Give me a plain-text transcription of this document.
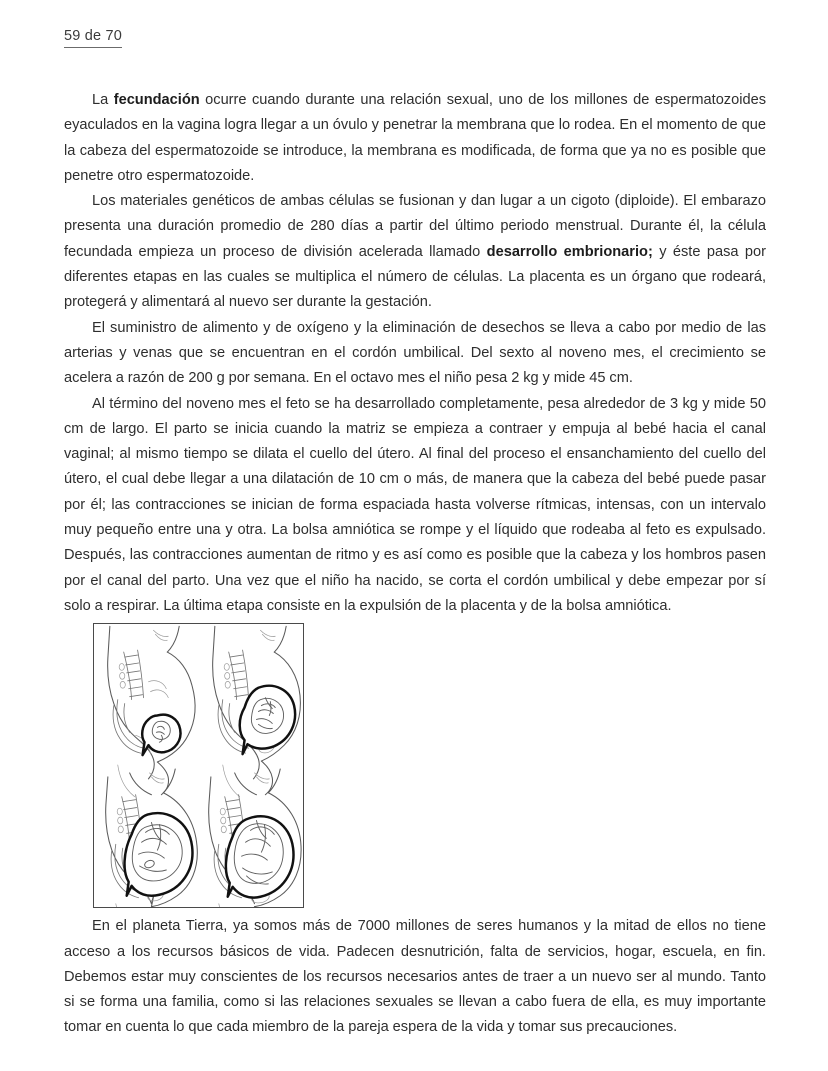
59 de 70

La fecundación ocurre cuando durante una relación sexual, uno de los millones de espermatozoides eyaculados en la vagina logra llegar a un óvulo y penetrar la membrana que lo rodea. En el momento de que la cabeza del espermatozoide se introduce, la membrana es modificada, de forma que ya no es posible que penetre otro espermatozoide.

Los materiales genéticos de ambas células se fusionan y dan lugar a un cigoto (diploide). El embarazo presenta una duración promedio de 280 días a partir del último periodo menstrual. Durante él, la célula fecundada empieza un proceso de división acelerada llamado desarrollo embrionario; y éste pasa por diferentes etapas en las cuales se multiplica el número de células. La placenta es un órgano que rodeará, protegerá y alimentará al nuevo ser durante la gestación.

El suministro de alimento y de oxígeno y la eliminación de desechos se lleva a cabo por medio de las arterias y venas que se encuentran en el cordón umbilical. Del sexto al noveno mes, el crecimiento se acelera a razón de 200 g por semana. En el octavo mes el niño pesa 2 kg y mide 45 cm.

Al término del noveno mes el feto se ha desarrollado completamente, pesa alrededor de 3 kg y mide 50 cm de largo. El parto se inicia cuando la matriz se empieza a contraer y empuja al bebé hacia el canal vaginal; al mismo tiempo se dilata el cuello del útero. Al final del proceso el ensanchamiento del cuello del útero, el cual debe llegar a una dilatación de 10 cm o más, de manera que la cabeza del bebé puede pasar por él; las contracciones se inician de forma espaciada hasta volverse rítmicas, intensas, con un intervalo muy pequeño entre una y otra. La bolsa amniótica se rompe y el líquido que rodeaba al feto es expulsado. Después, las contracciones aumentan de ritmo y es así como es posible que la cabeza y los hombros pasen por el canal del parto. Una vez que el niño ha nacido, se corta el cordón umbilical y debe empezar por sí solo a respirar. La última etapa consiste en la expulsión de la placenta y de la bolsa amniótica.

En el planeta Tierra, ya somos más de 7000 millones de seres humanos y la mitad de ellos no tiene acceso a los recursos básicos de vida. Padecen desnutrición, falta de servicios, hogar, escuela, en fin. Debemos estar muy conscientes de los recursos necesarios antes de traer a un nuevo ser al mundo. Tanto si se forma una familia, como si las relaciones sexuales se llevan a cabo fuera de ella, es muy importante tomar en cuenta lo que cada miembro de la pareja espera de la vida y tomar sus precauciones.
